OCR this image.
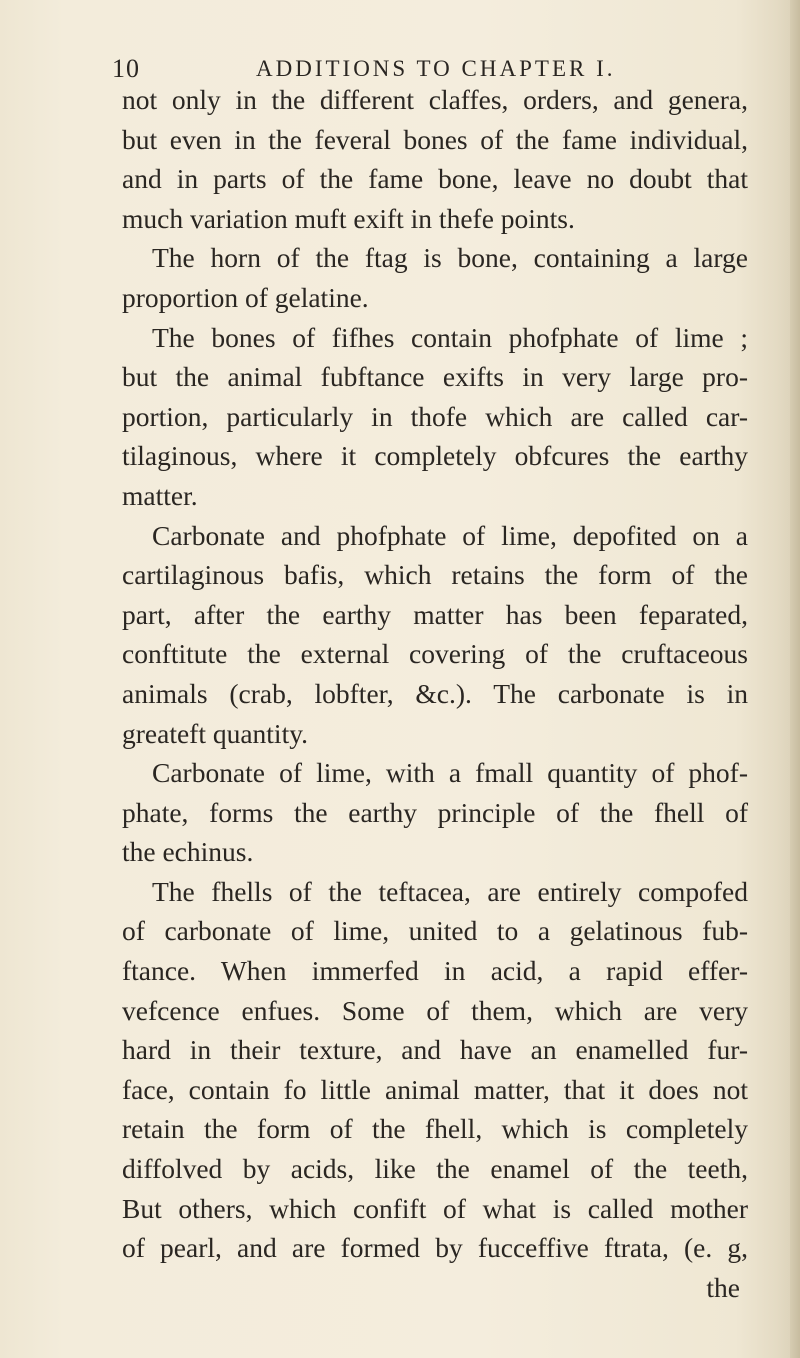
10	ADDITIONS TO CHAPTER I.
not only in the different claffes, orders, and genera,
but even in the feveral bones of the fame individual,
and in parts of the fame bone, leave no doubt that
much variation muft exift in thefe points.
The horn of the ftag is bone, containing a large
proportion of gelatine.
The bones of fifhes contain phofphate of lime ;
but the animal fubftance exifts in very large pro-
portion, particularly in thofe which are called car-
tilaginous, where it completely obfcures the earthy
matter.
Carbonate and phofphate of lime, depofited on a
cartilaginous bafis, which retains the form of the
part, after the earthy matter has been feparated,
conftitute the external covering of the cruftaceous
animals (crab, lobfter, &c.). The carbonate is in
greateft quantity.
Carbonate of lime, with a fmall quantity of phof-
phate, forms the earthy principle of the fhell of
the echinus.
The fhells of the teftacea, are entirely compofed
of carbonate of lime, united to a gelatinous fub-
ftance. When immerfed in acid, a rapid effer-
vefcence enfues. Some of them, which are very
hard in their texture, and have an enamelled fur-
face, contain fo little animal matter, that it does not
retain the form of the fhell, which is completely
diffolved by acids, like the enamel of the teeth,
But others, which confift of what is called mother
of pearl, and are formed by fucceffive ftrata, (e. g,
the
